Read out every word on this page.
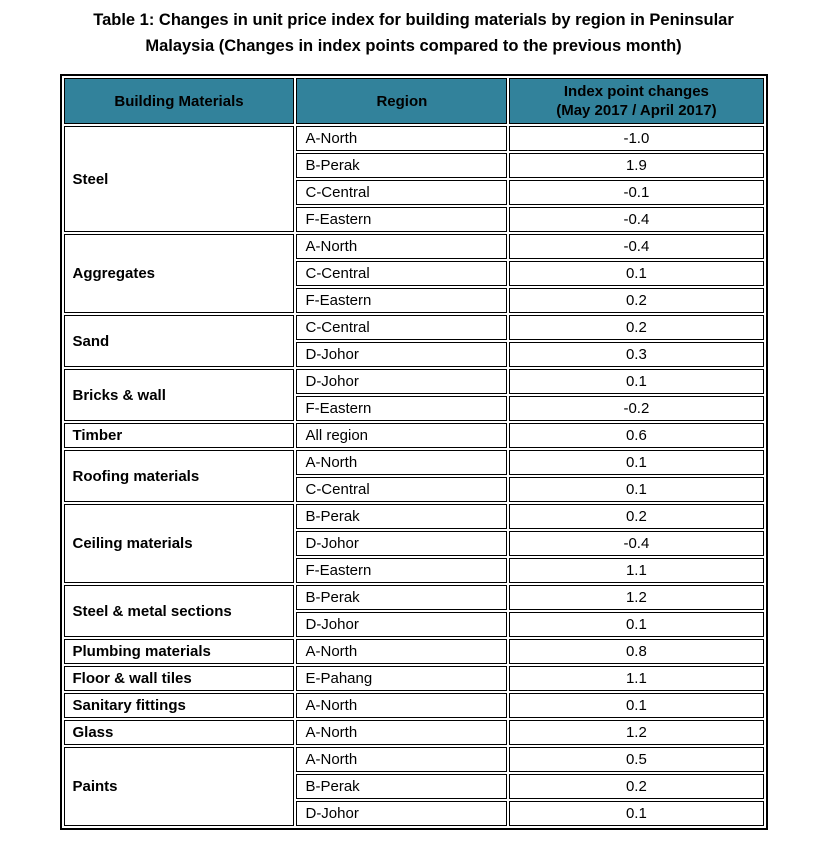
Table 1: Changes in unit price index for building materials by region in Peninsular
Malaysia (Changes in index points compared to the previous month)
Building Materials	Region	Index point changes
(May 2017 / April 2017)
Steel	A-North	-1.0
	B-Perak	1.9
	C-Central	-0.1
	F-Eastern	-0.4
Aggregates	A-North	-0.4
	C-Central	0.1
	F-Eastern	0.2
Sand	C-Central	0.2
	D-Johor	0.3
Bricks & wall	D-Johor	0.1
	F-Eastern	-0.2
Timber	All region	0.6
Roofing materials	A-North	0.1
	C-Central	0.1
Ceiling materials	B-Perak	0.2
	D-Johor	-0.4
	F-Eastern	1.1
Steel & metal sections	B-Perak	1.2
	D-Johor	0.1
Plumbing materials	A-North	0.8
Floor & wall tiles	E-Pahang	1.1
Sanitary fittings	A-North	0.1
Glass	A-North	1.2
Paints	A-North	0.5
	B-Perak	0.2
	D-Johor	0.1
